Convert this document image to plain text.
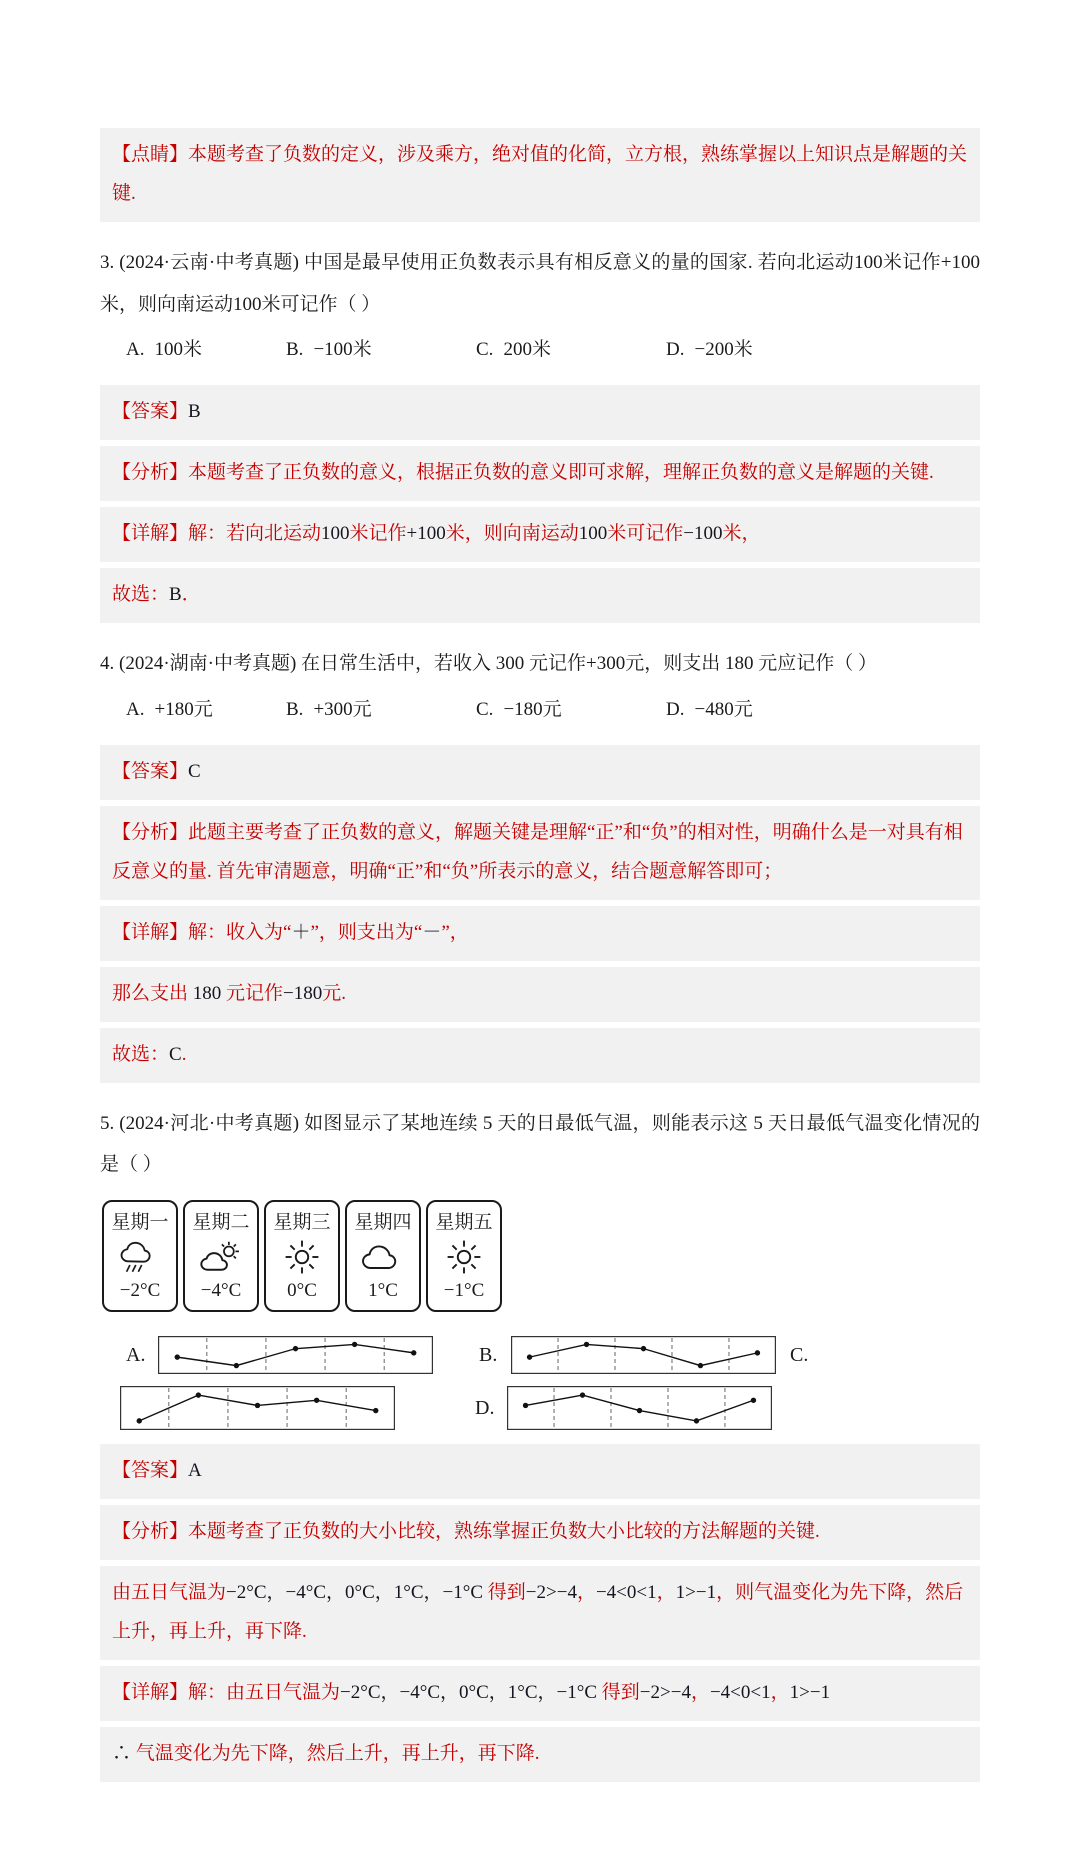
【点睛】本题考查了负数的定义，涉及乘方，绝对值的化简，立方根，熟练掌握以上知识点是解题的关键.

3. (2024·云南·中考真题) 中国是最早使用正负数表示具有相反意义的量的国家. 若向北运动100米记作+100米，则向南运动100米可记作（ ）

A. 100米	B. −100米	C. 200米	D. −200米

【答案】B

【分析】本题考查了正负数的意义，根据正负数的意义即可求解，理解正负数的意义是解题的关键.

【详解】解：若向北运动100米记作+100米，则向南运动100米可记作−100米，

故选：B．

4. (2024·湖南·中考真题) 在日常生活中，若收入 300 元记作+300元，则支出 180 元应记作（ ）

A. +180元	B. +300元	C. −180元	D. −480元

【答案】C

【分析】此题主要考查了正负数的意义，解题关键是理解“正”和“负”的相对性，明确什么是一对具有相反意义的量. 首先审清题意，明确“正”和“负”所表示的意义，结合题意解答即可；

【详解】解：收入为“＋”，则支出为“－”，

那么支出 180 元记作−180元.

故选：C.

5. (2024·河北·中考真题) 如图显示了某地连续 5 天的日最低气温，则能表示这 5 天日最低气温变化情况的是（ ）

星期一
−2°C
星期二
−4°C
星期三
0°C
星期四
1°C
星期五
−1°C
A.	B.	C.
D.

【答案】A

【分析】本题考查了正负数的大小比较，熟练掌握正负数大小比较的方法解题的关键.

由五日气温为−2°C，−4°C，0°C，1°C，−1°C 得到−2>−4，−4<0<1，1>−1，则气温变化为先下降，然后上升，再上升，再下降.

【详解】解：由五日气温为−2°C，−4°C，0°C，1°C，−1°C 得到−2>−4，−4<0<1，1>−1

∴ 气温变化为先下降，然后上升，再上升，再下降.
